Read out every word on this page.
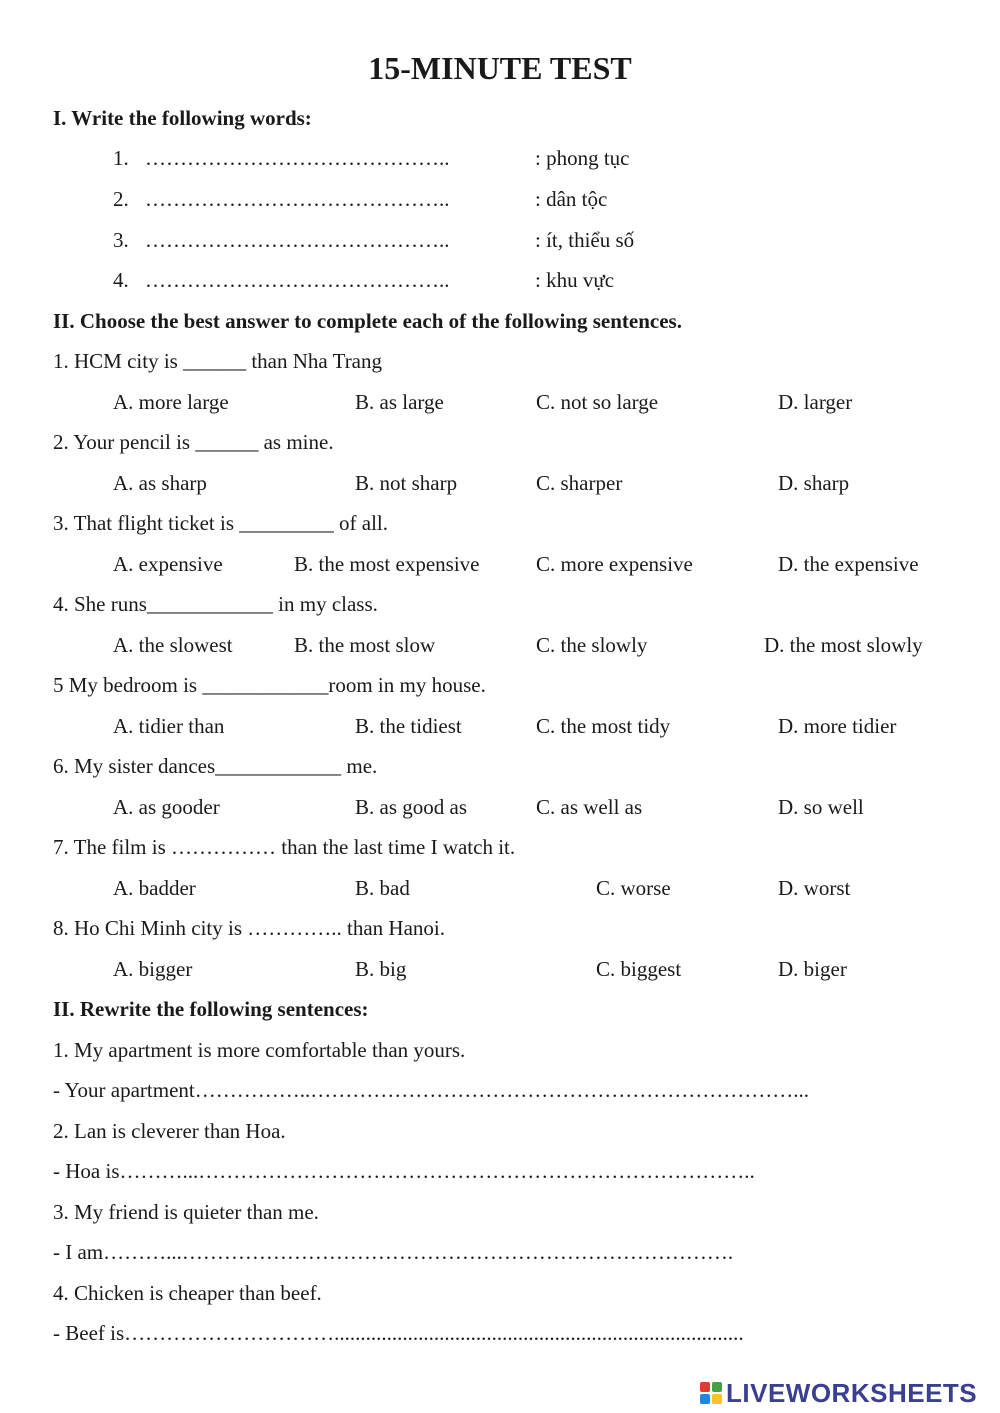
15-MINUTE TEST
I. Write the following words:
1. ……………………………………..	: phong tục
2. ……………………………………..	: dân tộc
3. ……………………………………..	: ít, thiểu số
4. ……………………………………..	: khu vực
II. Choose the best answer to complete each of the following sentences.
1. HCM city is ______ than Nha Trang
A. more large	B. as large	C. not so large	D. larger
2. Your pencil is ______ as mine.
A. as sharp	B. not sharp	C. sharper	D. sharp
3. That flight ticket is _________ of all.
A. expensive	B. the most expensive	C. more expensive	D. the expensive
4. She runs____________ in my class.
A. the slowest	B. the most slow	C. the slowly	D. the most slowly
5 My bedroom is ____________room in my house.
A. tidier than	B. the tidiest	C. the most tidy	D. more tidier
6. My sister dances____________ me.
A. as gooder	B. as good as	C. as well as	D. so well
7. The film is …………… than the last time I watch it.
A. badder	B. bad	C. worse	D. worst
8. Ho Chi Minh city is ………….. than Hanoi.
A. bigger	B. big	C. biggest	D. biger
II. Rewrite the following sentences:
1. My apartment is more comfortable than yours.
- Your apartment……………..……………………………………………………………...
2. Lan is cleverer than Hoa.
- Hoa is………...……………………………………………………………………..
3. My friend is quieter than me.
- I am………...…………………………………………………………………….
4. Chicken is cheaper than beef.
- Beef is…………………………..............................................................................
LIVEWORKSHEETS
